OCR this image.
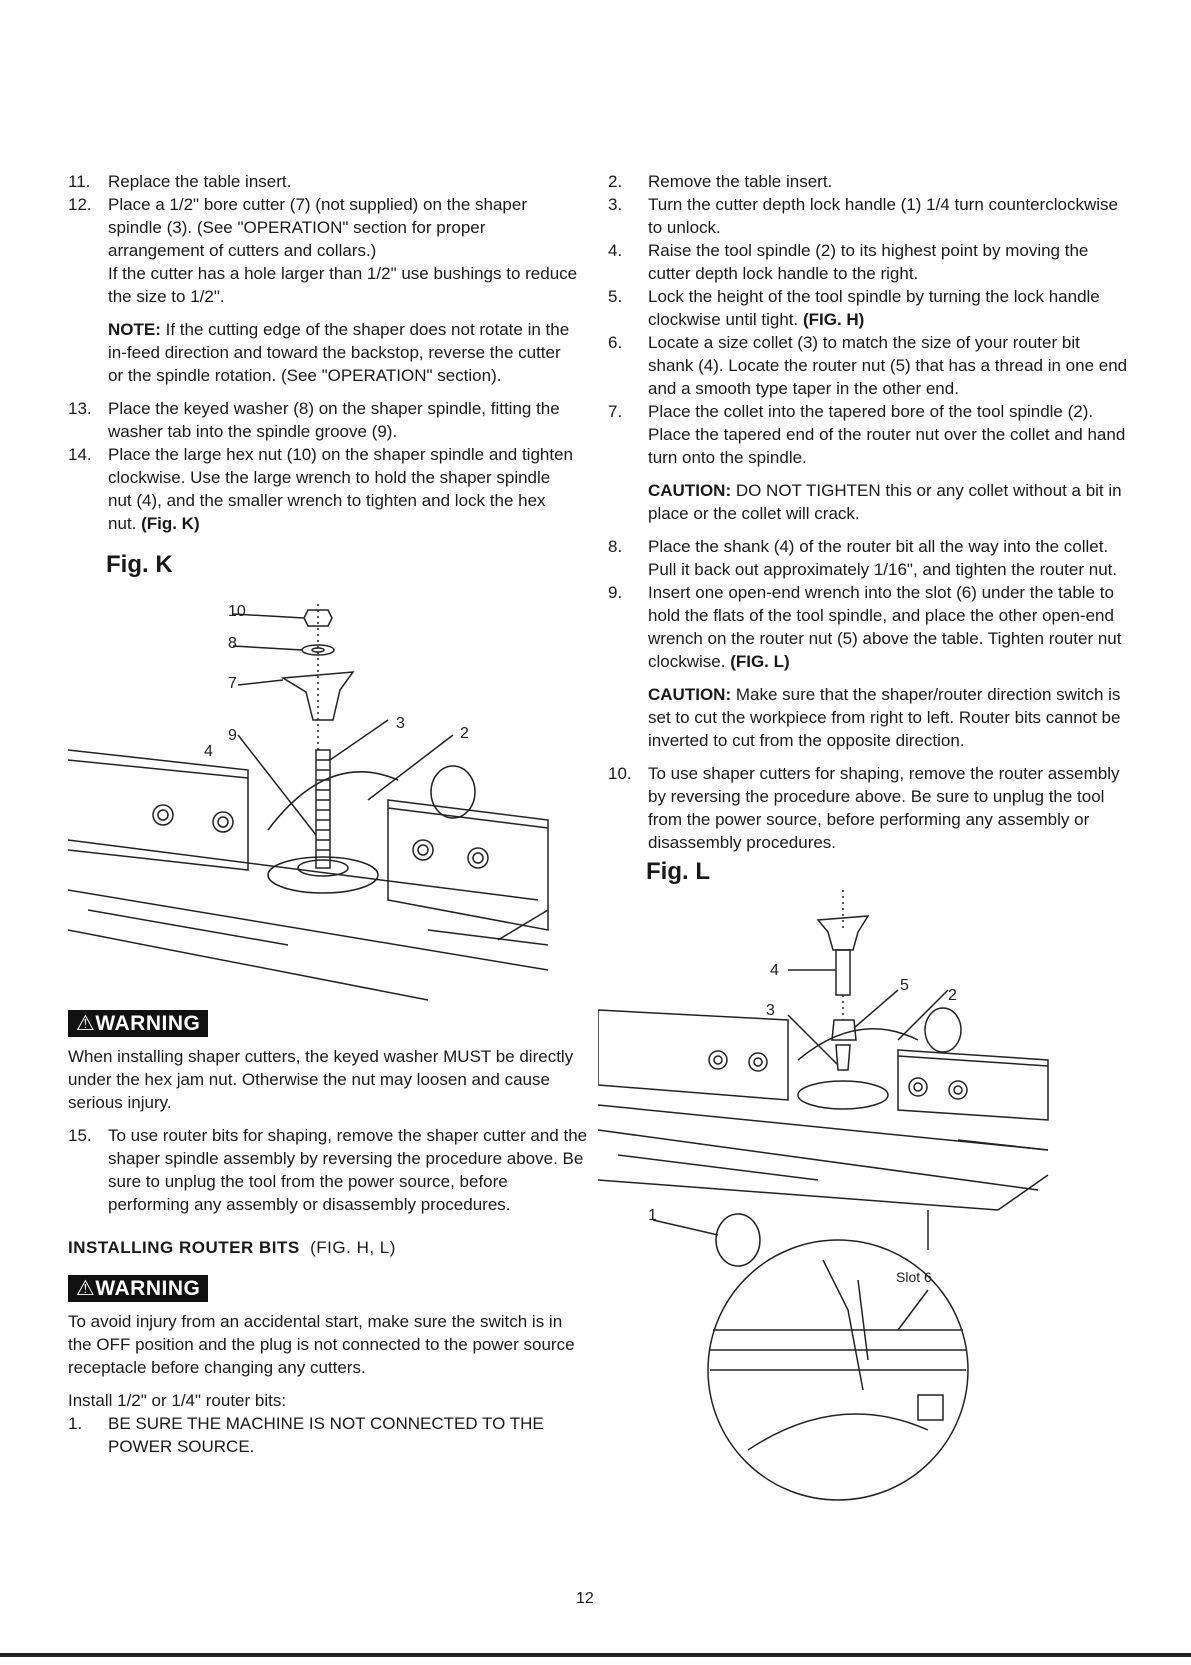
11.	Replace the table insert.
12. Place a 1/2" bore cutter (7) (not supplied) on the shaper spindle (3). (See "OPERATION" section for proper arrangement of cutters and collars.)
If the cutter has a hole larger than 1/2" use bushings to reduce the size to 1/2".
NOTE: If the cutting edge of the shaper does not rotate in the in-feed direction and toward the backstop, reverse the cutter or the spindle rotation. (See "OPERATION" section).
13. Place the keyed washer (8) on the shaper spindle, fitting the washer tab into the spindle groove (9).
14. Place the large hex nut (10) on the shaper spindle and tighten clockwise. Use the large wrench to hold the shaper spindle nut (4), and the smaller wrench to tighten and lock the hex nut. (Fig. K)
Fig. K
10
8
7
9
4
3
2
⚠WARNING
When installing shaper cutters, the keyed washer MUST be directly under the hex jam nut. Otherwise the nut may loosen and cause serious injury.
15. To use router bits for shaping, remove the shaper cutter and the shaper spindle assembly by reversing the procedure above. Be sure to unplug the tool from the power source, before performing any assembly or disassembly procedures.
INSTALLING ROUTER BITS (FIG. H, L)
⚠WARNING
To avoid injury from an accidental start, make sure the switch is in the OFF position and the plug is not connected to the power source receptacle before changing any cutters.
Install 1/2" or 1/4" router bits:
1.	BE SURE THE MACHINE IS NOT CONNECTED TO THE POWER SOURCE.
2.	Remove the table insert.
3.	Turn the cutter depth lock handle (1) 1/4 turn counterclockwise to unlock.
4.	Raise the tool spindle (2) to its highest point by moving the cutter depth lock handle to the right.
5.	Lock the height of the tool spindle by turning the lock handle clockwise until tight. (FIG. H)
6.	Locate a size collet (3) to match the size of your router bit shank (4). Locate the router nut (5) that has a thread in one end and a smooth type taper in the other end.
7.	Place the collet into the tapered bore of the tool spindle (2). Place the tapered end of the router nut over the collet and hand turn onto the spindle.
CAUTION: DO NOT TIGHTEN this or any collet without a bit in place or the collet will crack.
8.	Place the shank (4) of the router bit all the way into the collet. Pull it back out approximately 1/16", and tighten the router nut.
9.	Insert one open-end wrench into the slot (6) under the table to hold the flats of the tool spindle, and place the other open-end wrench on the router nut (5) above the table. Tighten router nut clockwise. (FIG. L)
CAUTION: Make sure that the shaper/router direction switch is set to cut the workpiece from right to left. Router bits cannot be inverted to cut from the opposite direction.
10. To use shaper cutters for shaping, remove the router assembly by reversing the procedure above. Be sure to unplug the tool from the power source, before performing any assembly or disassembly procedures.
Fig. L
4
5
2
3
1
Slot 6
12
